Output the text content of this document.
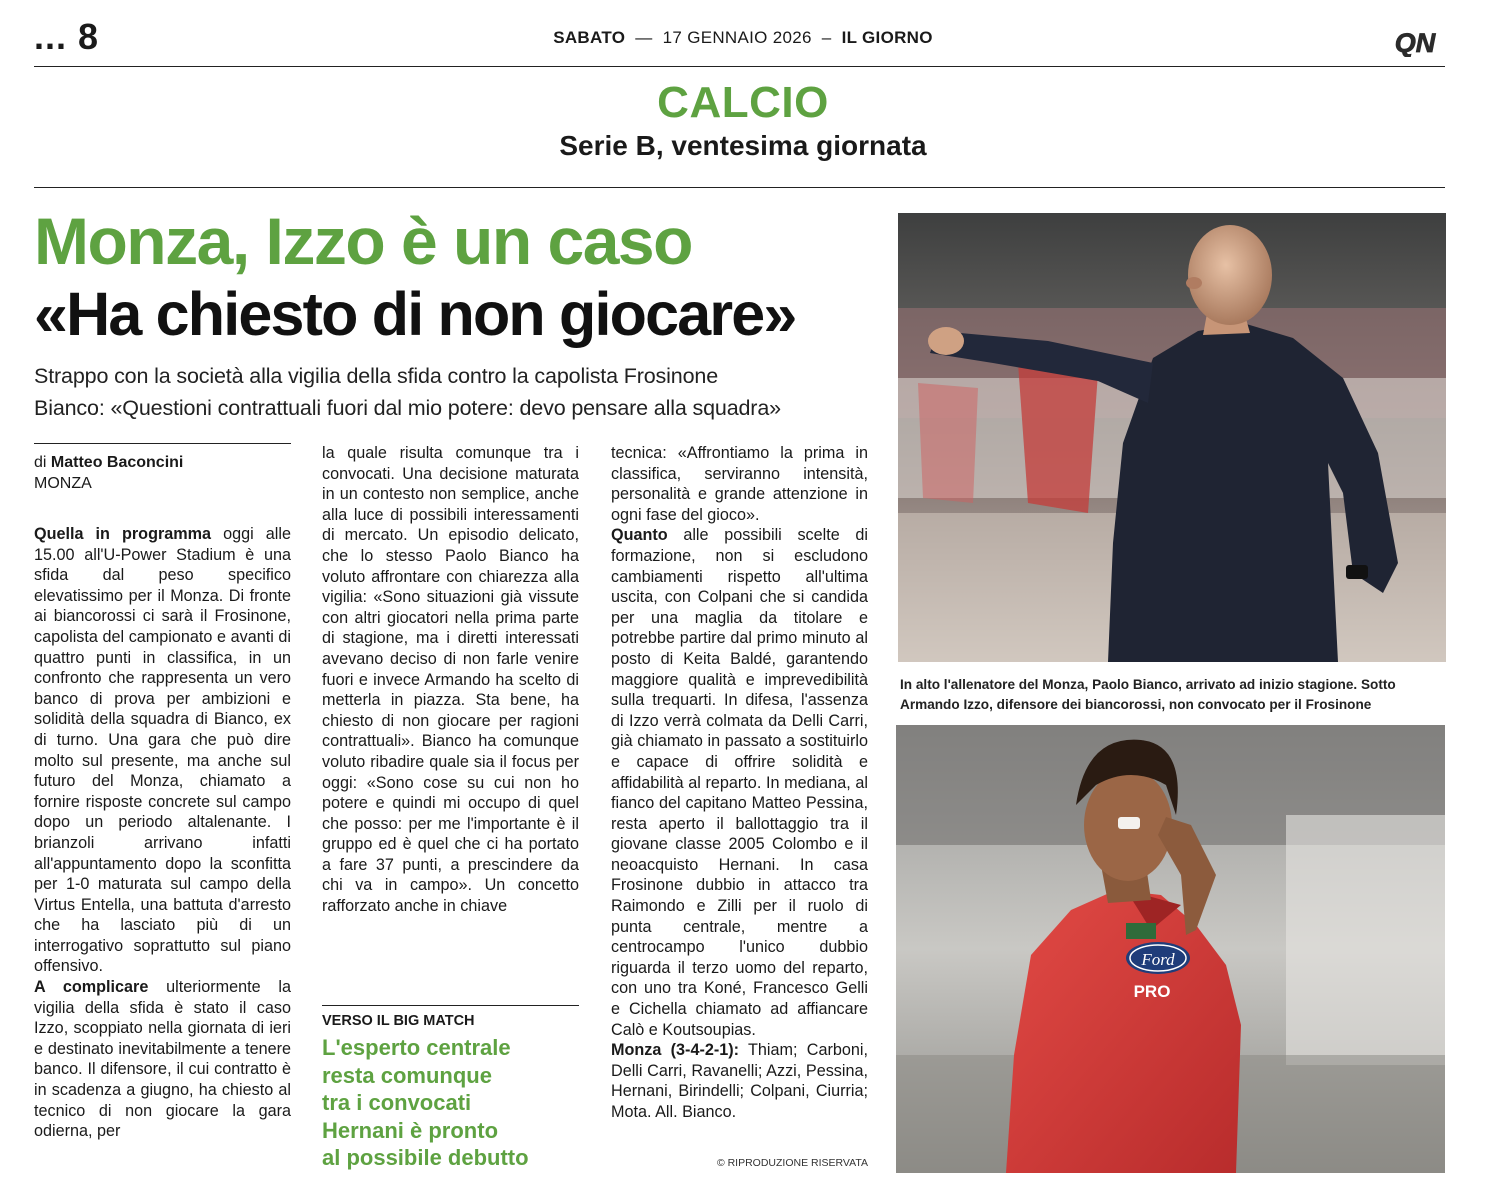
... 8	SABATO  —  17 GENNAIO 2026  –  IL GIORNO	QN
CALCIO
Serie B, ventesima giornata
Monza, Izzo è un caso
«Ha chiesto di non giocare»
Strappo con la società alla vigilia della sfida contro la capolista Frosinone
Bianco: «Questioni contrattuali fuori dal mio potere: devo pensare alla squadra»
di Matteo Baconcini
MONZA

Quella in programma oggi alle 15.00 all'U-Power Stadium è una sfida dal peso specifico elevatissimo per il Monza. Di fronte ai biancorossi ci sarà il Frosinone, capolista del campionato e avanti di quattro punti in classifica, in un confronto che rappresenta un vero banco di prova per ambizioni e solidità della squadra di Bianco, ex di turno. Una gara che può dire molto sul presente, ma anche sul futuro del Monza, chiamato a fornire risposte concrete sul campo dopo un periodo altalenante. I brianzoli arrivano infatti all'appuntamento dopo la sconfitta per 1-0 maturata sul campo della Virtus Entella, una battuta d'arresto che ha lasciato più di un interrogativo soprattutto sul piano offensivo.

A complicare ulteriormente la vigilia della sfida è stato il caso Izzo, scoppiato nella giornata di ieri e destinato inevitabilmente a tenere banco. Il difensore, il cui contratto è in scadenza a giugno, ha chiesto al tecnico di non giocare la gara odierna, per

la quale risulta comunque tra i convocati. Una decisione maturata in un contesto non semplice, anche alla luce di possibili interessamenti di mercato. Un episodio delicato, che lo stesso Paolo Bianco ha voluto affrontare con chiarezza alla vigilia: «Sono situazioni già vissute con altri giocatori nella prima parte di stagione, ma i diretti interessati avevano deciso di non farle venire fuori e invece Armando ha scelto di metterla in piazza. Sta bene, ha chiesto di non giocare per ragioni contrattuali». Bianco ha comunque voluto ribadire quale sia il focus per oggi: «Sono cose su cui non ho potere e quindi mi occupo di quel che posso: per me l'importante è il gruppo ed è quel che ci ha portato a fare 37 punti, a prescindere da chi va in campo». Un concetto rafforzato anche in chiave

VERSO IL BIG MATCH
L'esperto centrale
resta comunque
tra i convocati
Hernani è pronto
al possibile debutto

tecnica: «Affrontiamo la prima in classifica, serviranno intensità, personalità e grande attenzione in ogni fase del gioco».

Quanto alle possibili scelte di formazione, non si escludono cambiamenti rispetto all'ultima uscita, con Colpani che si candida per una maglia da titolare e potrebbe partire dal primo minuto al posto di Keita Baldé, garantendo maggiore qualità e imprevedibilità sulla trequarti. In difesa, l'assenza di Izzo verrà colmata da Delli Carri, già chiamato in passato a sostituirlo e capace di offrire solidità e affidabilità al reparto. In mediana, al fianco del capitano Matteo Pessina, resta aperto il ballottaggio tra il giovane classe 2005 Colombo e il neoacquisto Hernani. In casa Frosinone dubbio in attacco tra Raimondo e Zilli per il ruolo di punta centrale, mentre a centrocampo l'unico dubbio riguarda il terzo uomo del reparto, con uno tra Koné, Francesco Gelli e Cichella chiamato ad affiancare Calò e Koutsoupias.

Monza (3-4-2-1): Thiam; Carboni, Delli Carri, Ravanelli; Azzi, Pessina, Hernani, Birindelli; Colpani, Ciurria; Mota. All. Bianco.

© RIPRODUZIONE RISERVATA
In alto l'allenatore del Monza, Paolo Bianco, arrivato ad inizio stagione. Sotto
Armando Izzo, difensore dei biancorossi, non convocato per il Frosinone
Ford
PRO
